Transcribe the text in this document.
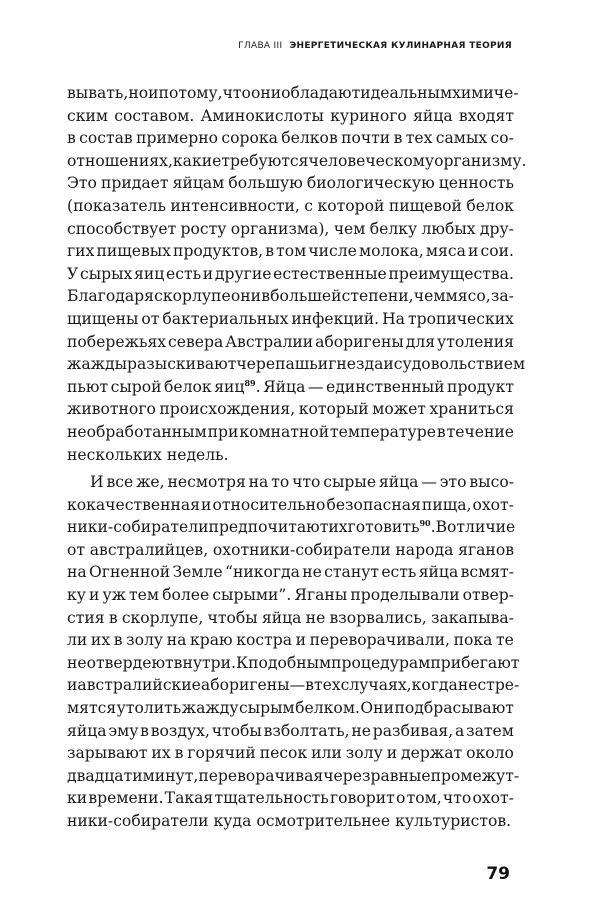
ГЛАВА III ЭНЕРГЕТИЧЕСКАЯ КУЛИНАРНАЯ ТЕОРИЯ
вывать, но и потому, что они обладают идеальным химиче-
ским составом. Аминокислоты куриного яйца входят
в состав примерно сорока белков почти в тех самых со-
отношениях, какие требуются человеческому организму.
Это придает яйцам большую биологическую ценность
(показатель интенсивности, с которой пищевой белок
способствует росту организма), чем белку любых дру-
гих пищевых продуктов, в том числе молока, мяса и сои.
У сырых яиц есть и другие естественные преимущества.
Благодаря скорлупе они в большей степени, чем мясо, за-
щищены от бактериальных инфекций. На тропических
побережьях севера Австралии аборигены для утоления
жажды разыскивают черепашьи гнезда и с удовольствием
пьют сырой белок яиц$^{89}$. Яйца — единственный продукт
животного происхождения, который может храниться
необработанным при комнатной температуре в течение
нескольких недель.
И все же, несмотря на то что сырые яйца — это высо-
кокачественная и относительно безопасная пища, охот-
ники-собиратели предпочитают их готовить$^{90}$. В отличие
от австралийцев, охотники-собиратели народа яганов
на Огненной Земле “никогда не станут есть яйца всмят-
ку и уж тем более сырыми”. Яганы проделывали отвер-
стия в скорлупе, чтобы яйца не взорвались, закапыва-
ли их в золу на краю костра и переворачивали, пока те
не отвердеют внутри. К подобным процедурам прибегают
и австралийские аборигены — в тех случаях, когда не стре-
мятся утолить жажду сырым белком. Они подбрасывают
яйца эму в воздух, чтобы взболтать, не разбивая, а затем
зарывают их в горячий песок или золу и держат около
двадцати минут, переворачивая через равные промежут-
ки времени. Такая тщательность говорит о том, что охот-
ники-собиратели куда осмотрительнее культуристов.
79
